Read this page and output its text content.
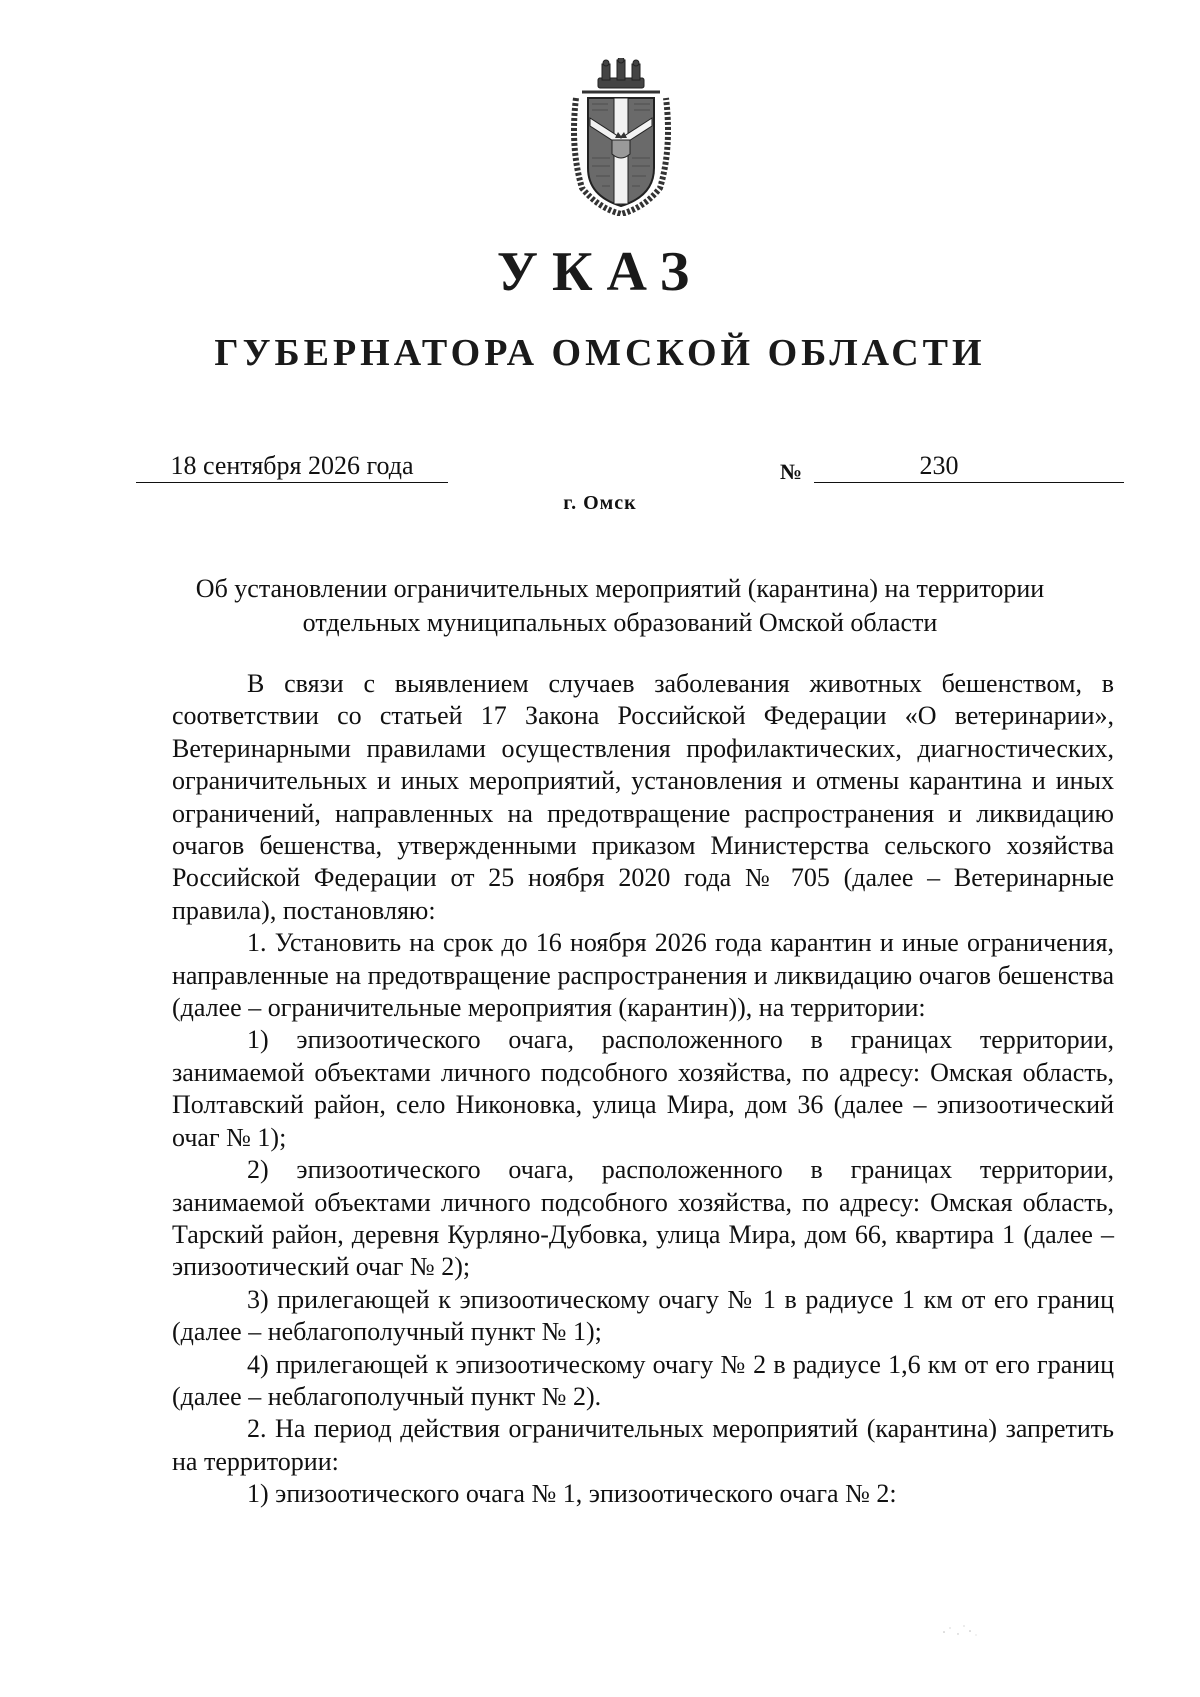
УКАЗ
ГУБЕРНАТОРА ОМСКОЙ ОБЛАСТИ
18 сентября 2026 года	№	230
г. Омск
Об установлении ограничительных мероприятий (карантина) на территории
отдельных муниципальных образований Омской области

В связи с выявлением случаев заболевания животных бешенством, в соответствии со статьей 17 Закона Российской Федерации «О ветеринарии», Ветеринарными правилами осуществления профилактических, диагностических, ограничительных и иных мероприятий, установления и отмены карантина и иных ограничений, направленных на предотвращение распространения и ликвидацию очагов бешенства, утвержденными приказом Министерства сельского хозяйства Российской Федерации от 25 ноября 2020 года № 705 (далее – Ветеринарные правила), постановляю:

1. Установить на срок до 16 ноября 2026 года карантин и иные ограничения, направленные на предотвращение распространения и ликвидацию очагов бешенства (далее – ограничительные мероприятия (карантин)), на территории:

1) эпизоотического очага, расположенного в границах территории, занимаемой объектами личного подсобного хозяйства, по адресу: Омская область, Полтавский район, село Никоновка, улица Мира, дом 36 (далее – эпизоотический очаг № 1);

2) эпизоотического очага, расположенного в границах территории, занимаемой объектами личного подсобного хозяйства, по адресу: Омская область, Тарский район, деревня Курляно-Дубовка, улица Мира, дом 66, квартира 1 (далее – эпизоотический очаг № 2);

3) прилегающей к эпизоотическому очагу № 1 в радиусе 1 км от его границ (далее – неблагополучный пункт № 1);

4) прилегающей к эпизоотическому очагу № 2 в радиусе 1,6 км от его границ (далее – неблагополучный пункт № 2).

2. На период действия ограничительных мероприятий (карантина) запретить на территории:

1) эпизоотического очага № 1, эпизоотического очага № 2:
